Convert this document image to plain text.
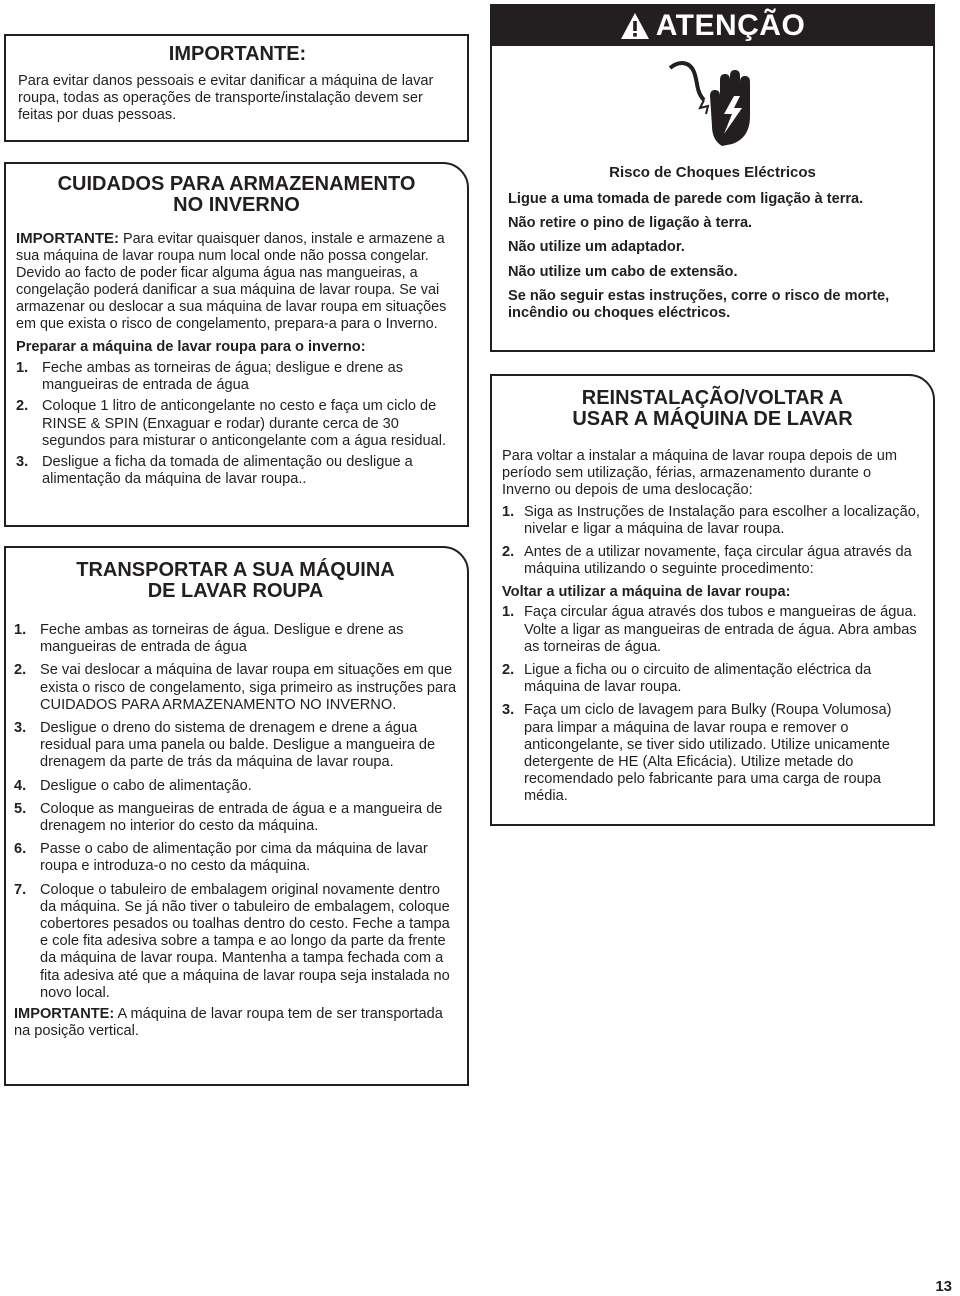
IMPORTANTE:

Para evitar danos pessoais e evitar danificar a máquina de lavar roupa, todas as operações de transporte/instalação devem ser feitas por duas pessoas.

CUIDADOS PARA ARMAZENAMENTO NO INVERNO

IMPORTANTE: Para evitar quaisquer danos, instale e armazene a sua máquina de lavar roupa num local onde não possa congelar. Devido ao facto de poder ficar alguma água nas mangueiras, a congelação poderá danificar a sua máquina de lavar roupa. Se vai armazenar ou deslocar a sua máquina de lavar roupa em situações em que exista o risco de congelamento, prepara-a para o Inverno.

Preparar a máquina de lavar roupa para o inverno:

1. Feche ambas as torneiras de água; desligue e drene as mangueiras de entrada de água
2. Coloque 1 litro de anticongelante no cesto e faça um ciclo de RINSE & SPIN (Enxaguar e rodar) durante cerca de 30 segundos para misturar o anticongelante com a água residual.
3. Desligue a ficha da tomada de alimentação ou desligue a alimentação da máquina de lavar roupa..

TRANSPORTAR A SUA MÁQUINA DE LAVAR ROUPA

1. Feche ambas as torneiras de água. Desligue e drene as mangueiras de entrada de água
2. Se vai deslocar a máquina de lavar roupa em situações em que exista o risco de congelamento, siga primeiro as instruções para CUIDADOS PARA ARMAZENAMENTO NO INVERNO.
3. Desligue o dreno do sistema de drenagem e drene a água residual para uma panela ou balde. Desligue a mangueira de drenagem da parte de trás da máquina de lavar roupa.
4. Desligue o cabo de alimentação.
5. Coloque as mangueiras de entrada de água e a mangueira de drenagem no interior do cesto da máquina.
6. Passe o cabo de alimentação por cima da máquina de lavar roupa e introduza-o no cesto da máquina.
7. Coloque o tabuleiro de embalagem original novamente dentro da máquina. Se já não tiver o tabuleiro de embalagem, coloque cobertores pesados ou toalhas dentro do cesto. Feche a tampa e cole fita adesiva sobre a tampa e ao longo da parte da frente da máquina de lavar roupa. Mantenha a tampa fechada com a fita adesiva até que a máquina de lavar roupa seja instalada no novo local.

IMPORTANTE: A máquina de lavar roupa tem de ser transportada na posição vertical.

ATENÇÃO

Risco de Choques Eléctricos

Ligue a uma tomada de parede com ligação à terra.

Não retire o pino de ligação à terra.

Não utilize um adaptador.

Não utilize um cabo de extensão.

Se não seguir estas instruções, corre o risco de morte, incêndio ou choques eléctricos.

REINSTALAÇÃO/VOLTAR A USAR A MÁQUINA DE LAVAR

Para voltar a instalar a máquina de lavar roupa depois de um período sem utilização, férias, armazenamento durante o Inverno ou depois de uma deslocação:

1. Siga as Instruções de Instalação para escolher a localização, nivelar e ligar a máquina de lavar roupa.
2. Antes de a utilizar novamente, faça circular água através da máquina utilizando o seguinte procedimento:

Voltar a utilizar a máquina de lavar roupa:

1. Faça circular água através dos tubos e mangueiras de água. Volte a ligar as mangueiras de entrada de água. Abra ambas as torneiras de água.
2. Ligue a ficha ou o circuito de alimentação eléctrica da máquina de lavar roupa.
3. Faça um ciclo de lavagem para Bulky (Roupa Volumosa) para limpar a máquina de lavar roupa e remover o anticongelante, se tiver sido utilizado. Utilize unicamente detergente de HE (Alta Eficácia). Utilize metade do recomendado pelo fabricante para uma carga de roupa média.
13
